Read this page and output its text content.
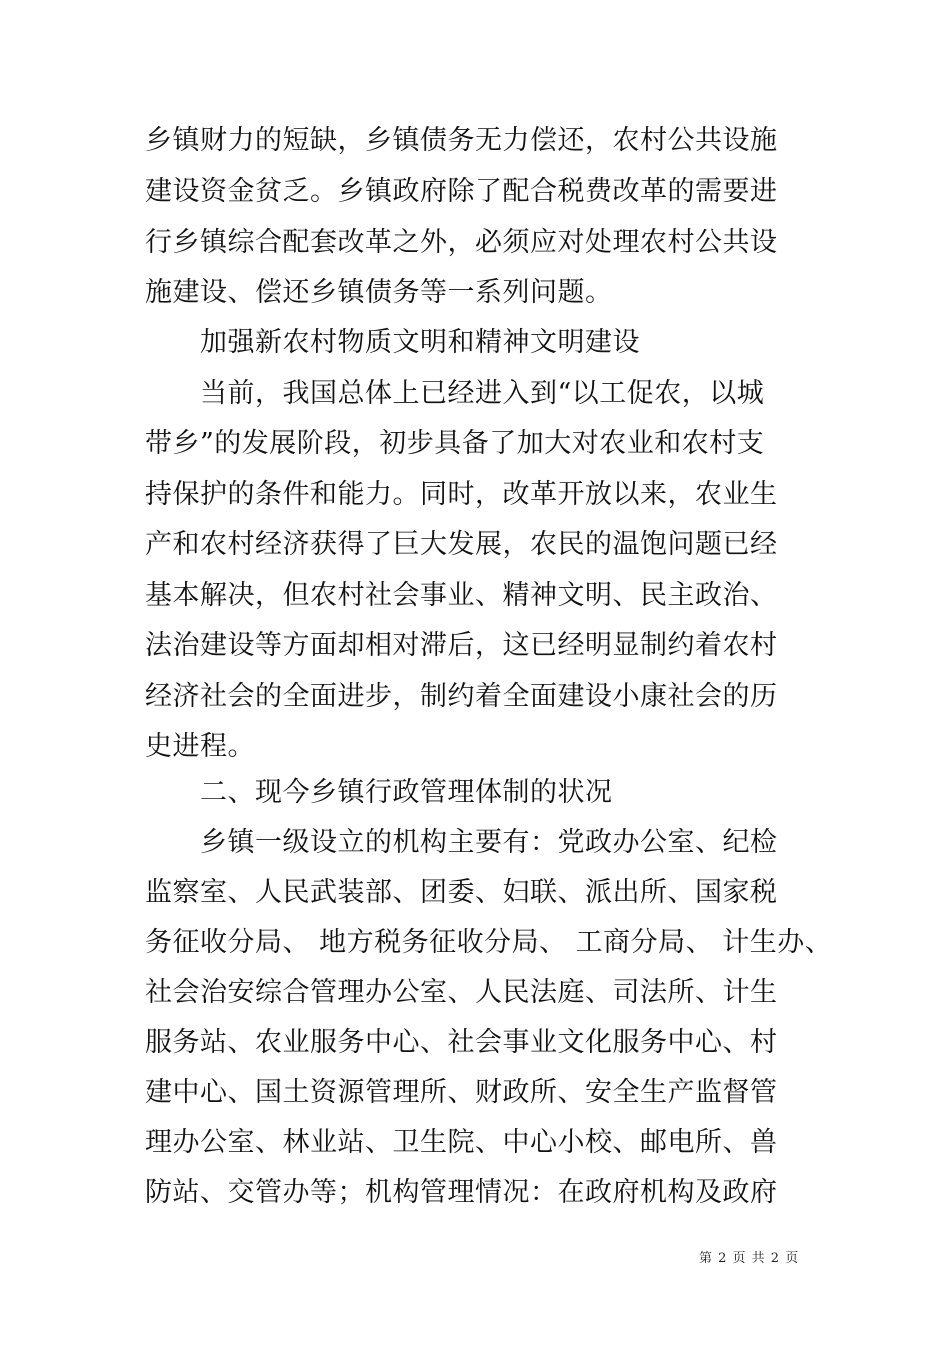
乡镇财力的短缺，乡镇债务无力偿还，农村公共设施
建设资金贫乏。乡镇政府除了配合税费改革的需要进
行乡镇综合配套改革之外，必须应对处理农村公共设
施建设、偿还乡镇债务等一系列问题。
加强新农村物质文明和精神文明建设
当前，我国总体上已经进入到“以工促农，以城
带乡”的发展阶段，初步具备了加大对农业和农村支
持保护的条件和能力。同时，改革开放以来，农业生
产和农村经济获得了巨大发展，农民的温饱问题已经
基本解决，但农村社会事业、精神文明、民主政治、
法治建设等方面却相对滞后，这已经明显制约着农村
经济社会的全面进步，制约着全面建设小康社会的历
史进程。
二、现今乡镇行政管理体制的状况
乡镇一级设立的机构主要有：党政办公室、纪检
监察室、人民武装部、团委、妇联、派出所、国家税
务征收分局、 地方税务征收分局、 工商分局、 计生办、
社会治安综合管理办公室、人民法庭、司法所、计生
服务站、农业服务中心、社会事业文化服务中心、村
建中心、国土资源管理所、财政所、安全生产监督管
理办公室、林业站、卫生院、中心小校、邮电所、兽
防站、交管办等；机构管理情况：在政府机构及政府
第 2 页 共 2 页
